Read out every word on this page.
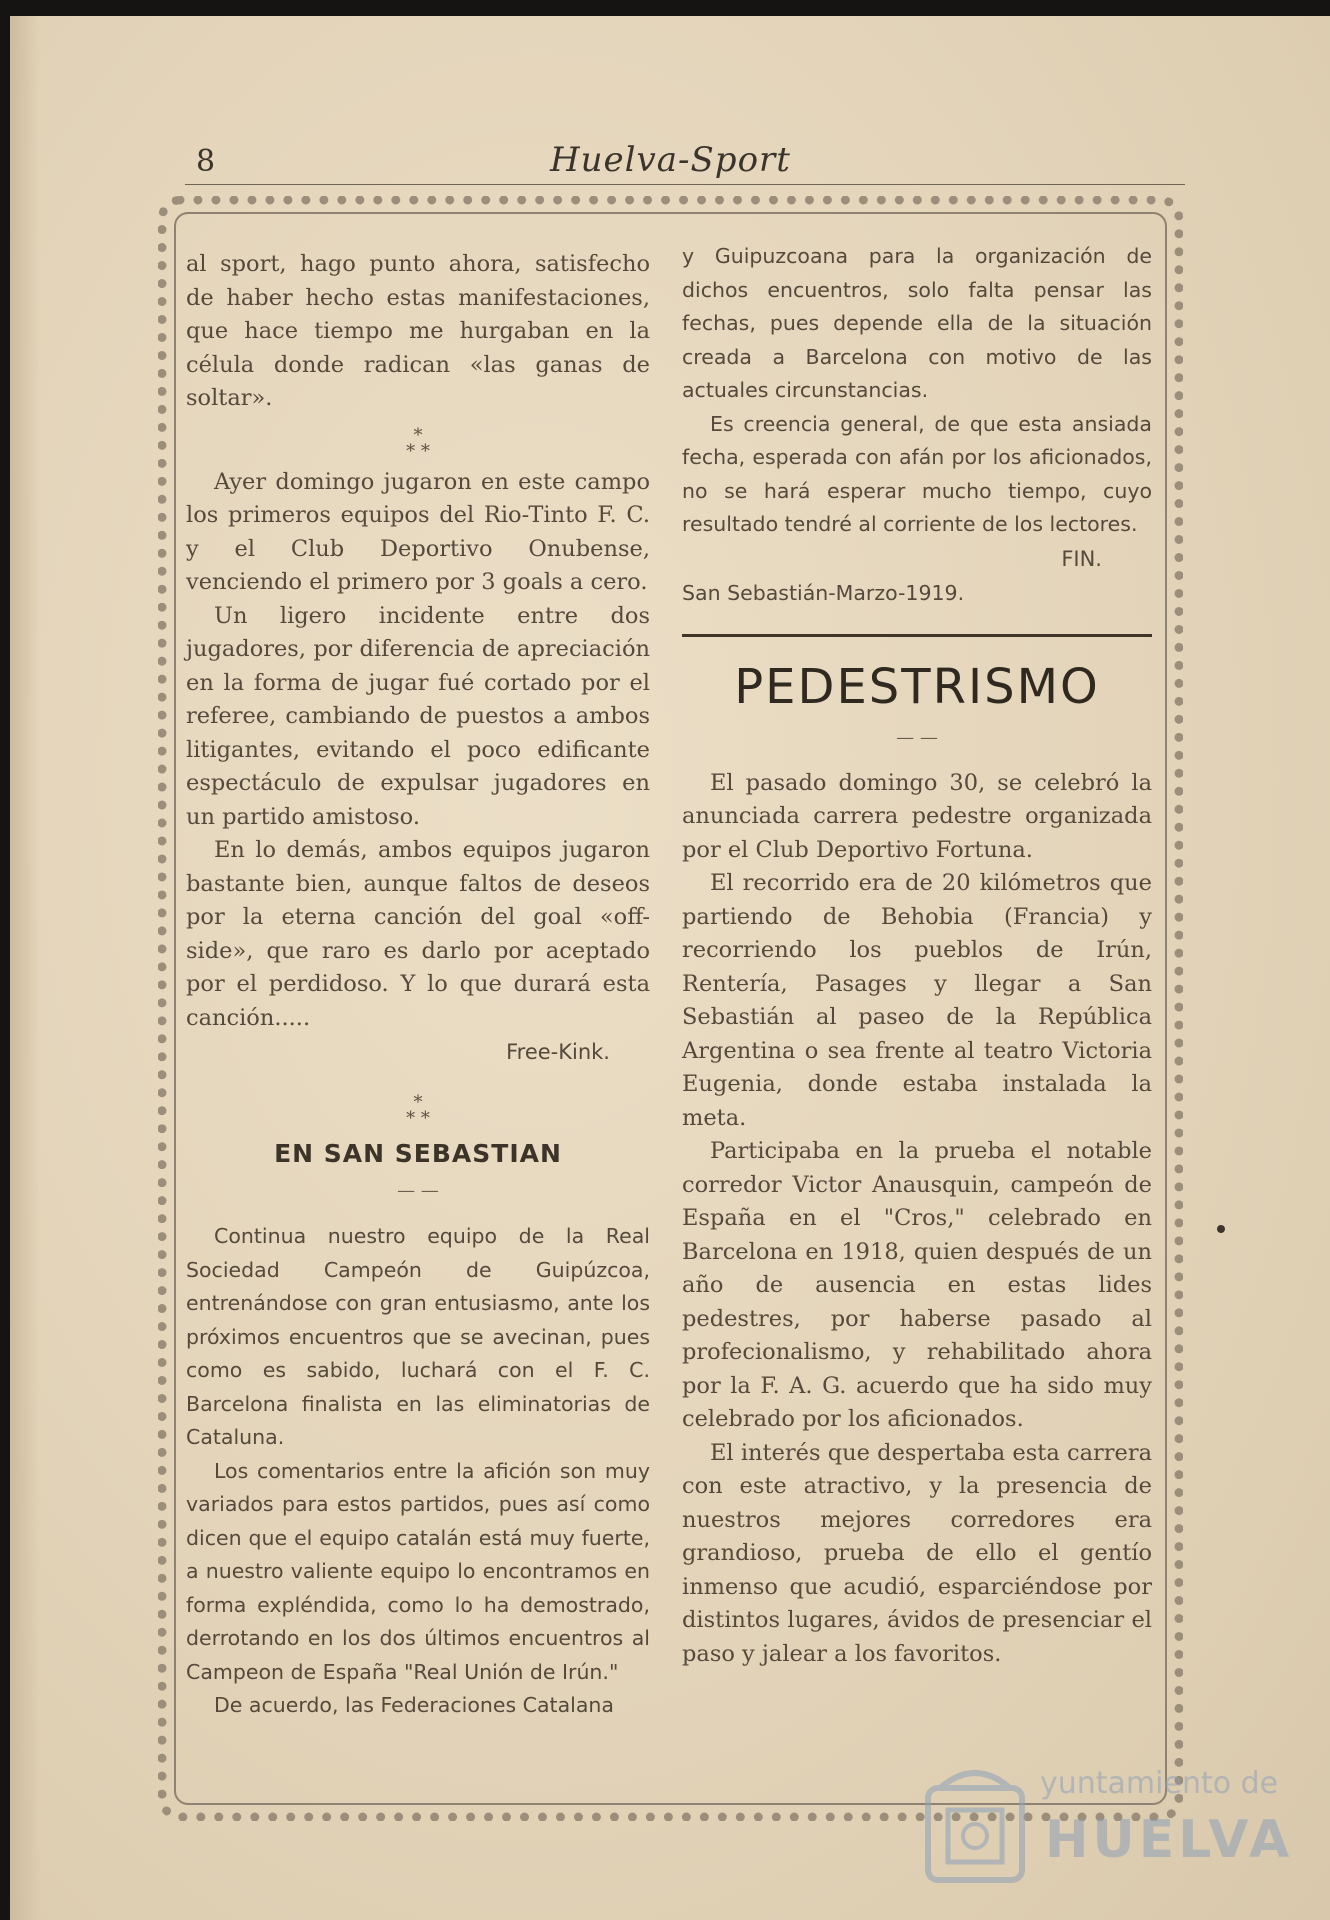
8	Huelva-Sport

al sport, hago punto ahora, satisfecho de haber hecho estas manifestaciones, que hace tiempo me hurgaban en la célula donde radican «las ganas de soltar».

*
* *

Ayer domingo jugaron en este campo los primeros equipos del Rio-Tinto F. C. y el Club Deportivo Onubense, venciendo el primero por 3 goals a cero.

Un ligero incidente entre dos jugadores, por diferencia de apreciación en la forma de jugar fué cortado por el referee, cambiando de puestos a ambos litigantes, evitando el poco edificante espectáculo de expulsar jugadores en un partido amistoso.

En lo demás, ambos equipos jugaron bastante bien, aunque faltos de deseos por la eterna canción del goal «off-side», que raro es darlo por aceptado por el perdidoso. Y lo que durará esta canción.....

Free-Kink.
*
* *
EN SAN SEBASTIAN
— —

Continua nuestro equipo de la Real Sociedad Campeón de Guipúzcoa, entrenándose con gran entusiasmo, ante los próximos encuentros que se avecinan, pues como es sabido, luchará con el F. C. Barcelona finalista en las eliminatorias de Cataluna.

Los comentarios entre la afición son muy variados para estos partidos, pues así como dicen que el equipo catalán está muy fuerte, a nuestro valiente equipo lo encontramos en forma expléndida, como lo ha demostrado, derrotando en los dos últimos encuentros al Campeon de España "Real Unión de Irún."

De acuerdo, las Federaciones Catalana

y Guipuzcoana para la organización de dichos encuentros, solo falta pensar las fechas, pues depende ella de la situación creada a Barcelona con motivo de las actuales circunstancias.

Es creencia general, de que esta ansiada fecha, esperada con afán por los aficionados, no se hará esperar mucho tiempo, cuyo resultado tendré al corriente de los lectores.

FIN.
San Sebastián-Marzo-1919.
PEDESTRISMO
— —

El pasado domingo 30, se celebró la anunciada carrera pedestre organizada por el Club Deportivo Fortuna.

El recorrido era de 20 kilómetros que partiendo de Behobia (Francia) y recorriendo los pueblos de Irún, Rentería, Pasages y llegar a San Sebastián al paseo de la República Argentina o sea frente al teatro Victoria Eugenia, donde estaba instalada la meta.

Participaba en la prueba el notable corredor Victor Anausquin, campeón de España en el "Cros," celebrado en Barcelona en 1918, quien después de un año de ausencia en estas lides pedestres, por haberse pasado al profecionalismo, y rehabilitado ahora por la F. A. G. acuerdo que ha sido muy celebrado por los aficionados.

El interés que despertaba esta carrera con este atractivo, y la presencia de nuestros mejores corredores era grandioso, prueba de ello el gentío inmenso que acudió, esparciéndose por distintos lugares, ávidos de presenciar el paso y jalear a los favoritos.

yuntamiento de
HUELVA
